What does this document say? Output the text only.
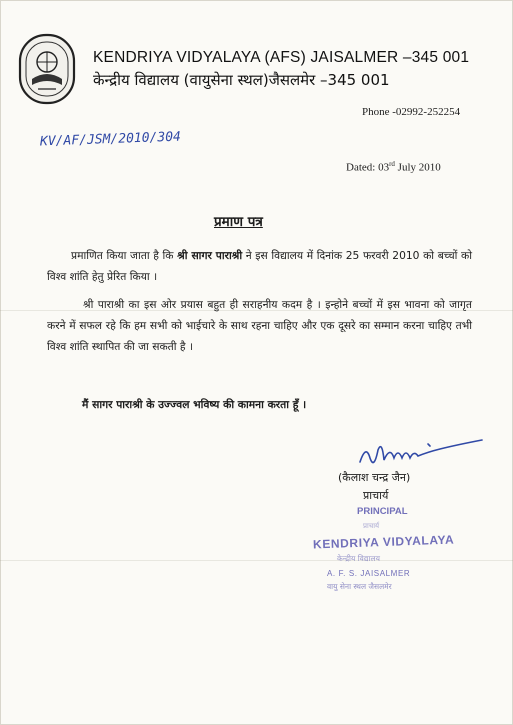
KENDRIYA VIDYALAYA (AFS) JAISALMER –345 001
केन्द्रीय विद्यालय (वायुसेना स्थल)जैसलमेर –345 001
Phone -02992-252254
KV/AF/JSM/2010/304
Dated: 03rd July 2010
प्रमाण पत्र
प्रमाणित किया जाता है कि श्री सागर पाराश्री ने इस विद्यालय में दिनांक 25 फरवरी 2010 को बच्चों को विश्व शांति हेतु प्रेरित किया ।
श्री पाराश्री का इस ओर प्रयास बहुत ही सराहनीय कदम है । इन्होने बच्चों में इस भावना को जागृत करने में सफल रहे कि हम सभी को भाईचारे के साथ रहना चाहिए और एक दूसरे का सम्मान करना चाहिए तभी विश्व शांति स्थापित की जा सकती है ।
मैं सागर पाराश्री के उज्ज्वल भविष्य की कामना करता हूँ ।
(कैलाश चन्द्र जैन)
प्राचार्य
PRINCIPAL
प्राचार्य
KENDRIYA VIDYALAYA
केन्द्रीय विद्यालय
A. F. S. JAISALMER
वायु सेना स्थल जैसलमेर
